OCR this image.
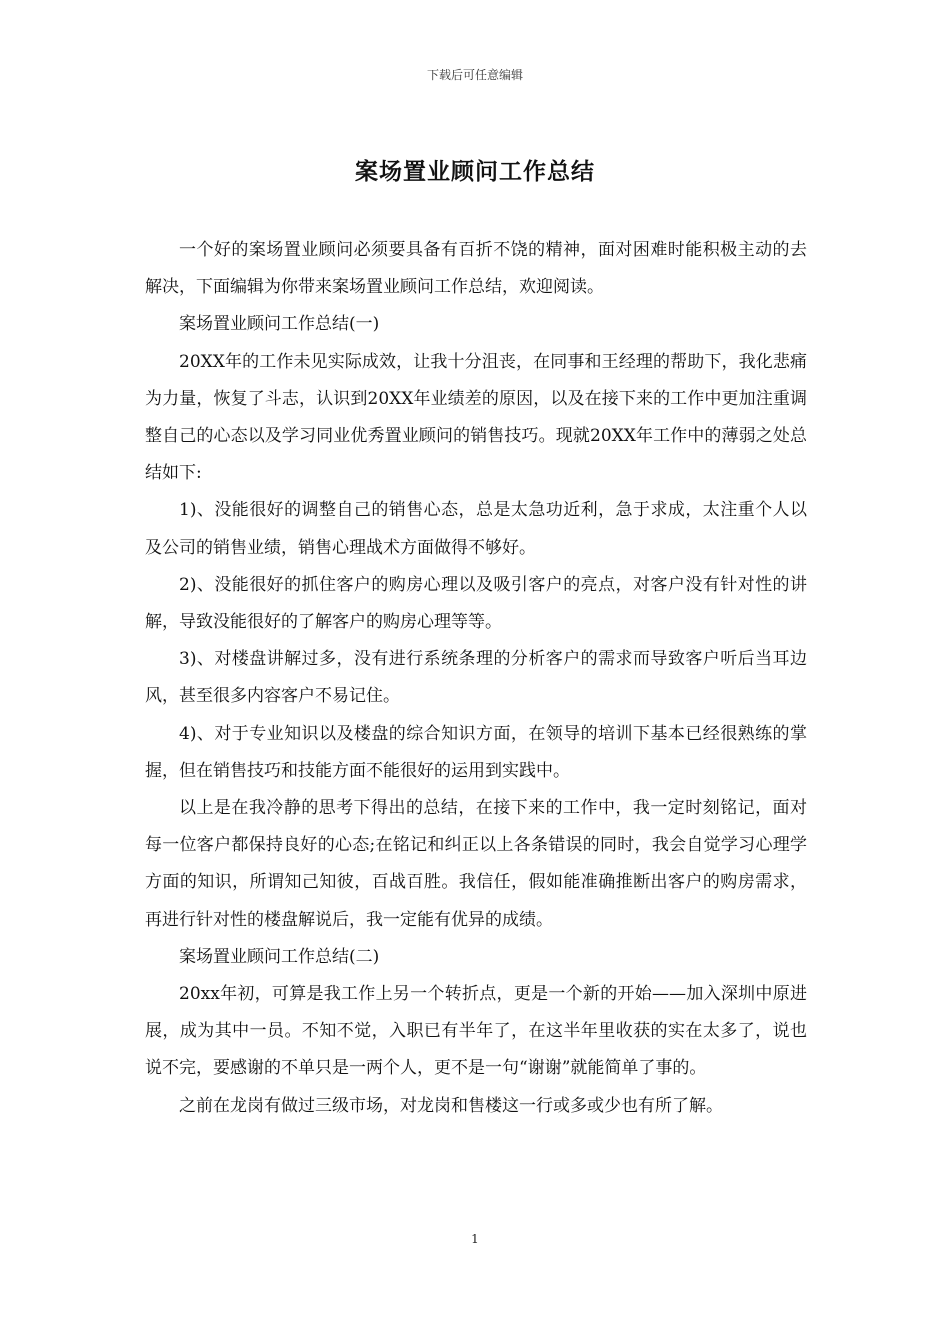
下载后可任意编辑
案场置业顾问工作总结

一个好的案场置业顾问必须要具备有百折不饶的精神，面对困难时能积极主动的去解决，下面编辑为你带来案场置业顾问工作总结，欢迎阅读。

案场置业顾问工作总结(一)

20XX年的工作未见实际成效，让我十分沮丧，在同事和王经理的帮助下，我化悲痛为力量，恢复了斗志，认识到20XX年业绩差的原因，以及在接下来的工作中更加注重调整自己的心态以及学习同业优秀置业顾问的销售技巧。现就20XX年工作中的薄弱之处总结如下:

1)、没能很好的调整自己的销售心态，总是太急功近利，急于求成，太注重个人以及公司的销售业绩，销售心理战术方面做得不够好。

2)、没能很好的抓住客户的购房心理以及吸引客户的亮点，对客户没有针对性的讲解，导致没能很好的了解客户的购房心理等等。

3)、对楼盘讲解过多，没有进行系统条理的分析客户的需求而导致客户听后当耳边风，甚至很多内容客户不易记住。

4)、对于专业知识以及楼盘的综合知识方面，在领导的培训下基本已经很熟练的掌握，但在销售技巧和技能方面不能很好的运用到实践中。

以上是在我冷静的思考下得出的总结，在接下来的工作中，我一定时刻铭记，面对每一位客户都保持良好的心态;在铭记和纠正以上各条错误的同时，我会自觉学习心理学方面的知识，所谓知己知彼，百战百胜。我信任，假如能准确推断出客户的购房需求，再进行针对性的楼盘解说后，我一定能有优异的成绩。

案场置业顾问工作总结(二)

20xx年初，可算是我工作上另一个转折点，更是一个新的开始——加入深圳中原进展，成为其中一员。不知不觉，入职已有半年了，在这半年里收获的实在太多了，说也说不完，要感谢的不单只是一两个人，更不是一句“谢谢”就能简单了事的。

之前在龙岗有做过三级市场，对龙岗和售楼这一行或多或少也有所了解。

1
